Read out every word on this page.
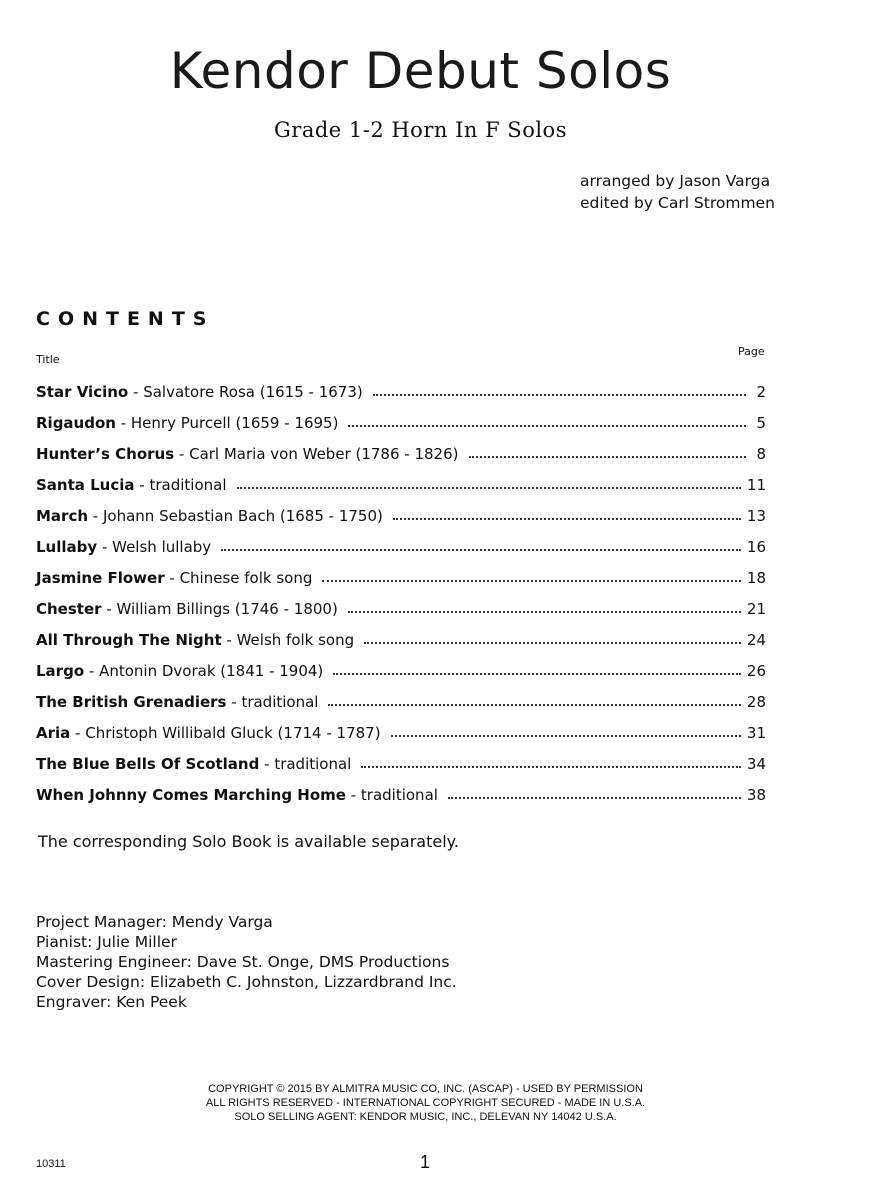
Kendor Debut Solos
Grade 1-2 Horn In F Solos
arranged by Jason Varga
edited by Carl Strommen
CONTENTS
Title
Page
Star Vicino - Salvatore Rosa (1615 - 1673)	2
Rigaudon - Henry Purcell (1659 - 1695)	5
Hunter’s Chorus - Carl Maria von Weber (1786 - 1826)	8
Santa Lucia - traditional	11
March - Johann Sebastian Bach (1685 - 1750)	13
Lullaby - Welsh lullaby	16
Jasmine Flower - Chinese folk song	18
Chester - William Billings (1746 - 1800)	21
All Through The Night - Welsh folk song	24
Largo - Antonin Dvorak (1841 - 1904)	26
The British Grenadiers - traditional	28
Aria - Christoph Willibald Gluck (1714 - 1787)	31
The Blue Bells Of Scotland - traditional	34
When Johnny Comes Marching Home - traditional	38
The corresponding Solo Book is available separately.
Project Manager: Mendy Varga
Pianist: Julie Miller
Mastering Engineer: Dave St. Onge, DMS Productions
Cover Design: Elizabeth C. Johnston, Lizzardbrand Inc.
Engraver: Ken Peek
COPYRIGHT © 2015 BY ALMITRA MUSIC CO, INC. (ASCAP) - USED BY PERMISSION
ALL RIGHTS RESERVED - INTERNATIONAL COPYRIGHT SECURED - MADE IN U.S.A.
SOLO SELLING AGENT: KENDOR MUSIC, INC., DELEVAN NY 14042 U.S.A.
10311	1
